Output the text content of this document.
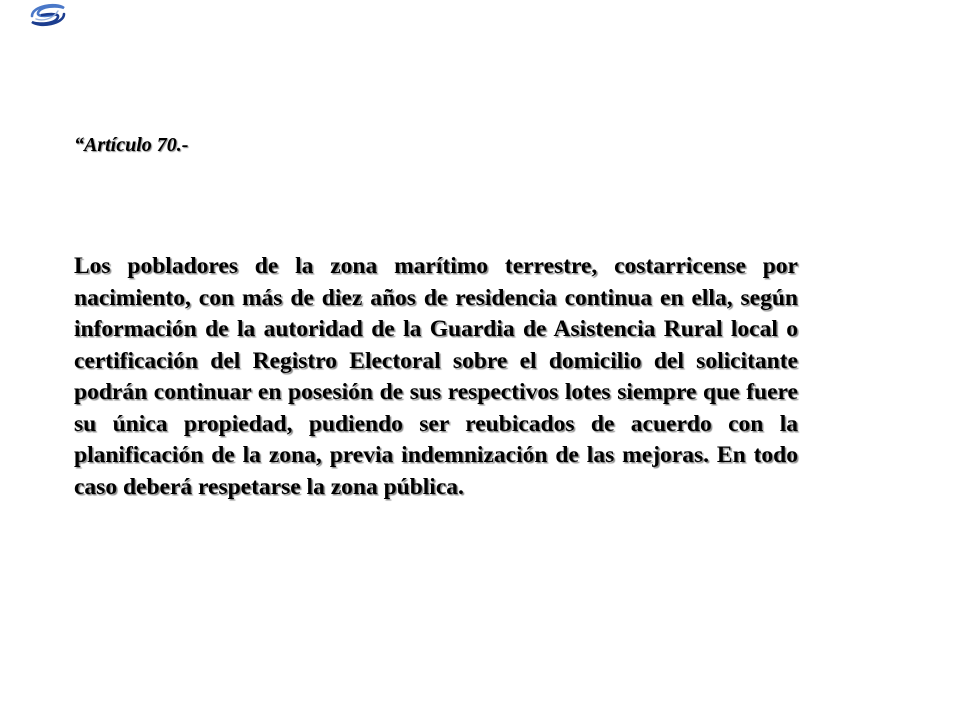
“Artículo 70.-
Los pobladores de la zona marítimo terrestre, costarricense por nacimiento, con más de diez años de residencia continua en ella, según información de la autoridad de la Guardia de Asistencia Rural local o certificación del Registro Electoral sobre el domicilio del solicitante podrán continuar en posesión de sus respectivos lotes siempre que fuere su única propiedad, pudiendo ser reubicados de acuerdo con la planificación de la zona, previa indemnización de las mejoras. En todo caso deberá respetarse la zona pública.
